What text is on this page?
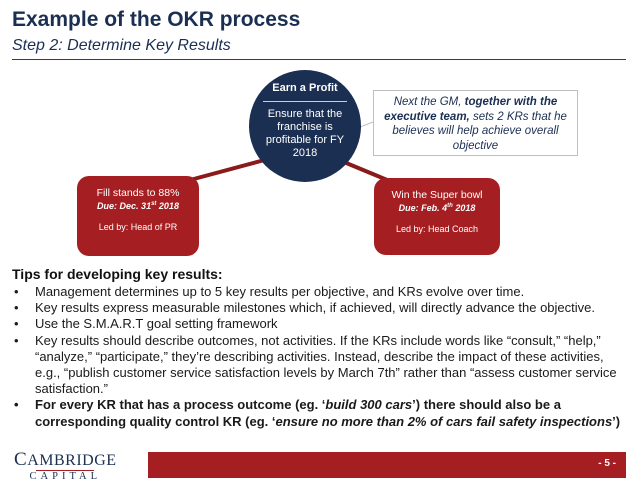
Example of the OKR process
Step 2: Determine Key Results
Earn a Profit
Ensure that the franchise is profitable for FY 2018
Next the GM, together with the executive team, sets 2 KRs that he believes will help achieve overall objective
Fill stands to 88%
Due: Dec. 31st 2018
Led by: Head of PR
Win the Super bowl
Due: Feb. 4th 2018
Led by: Head Coach
Tips for developing key results:
• Management determines up to 5 key results per objective, and KRs evolve over time.
• Key results express measurable milestones which, if achieved, will directly advance the objective.
• Use the S.M.A.R.T goal setting framework
• Key results should describe outcomes, not activities. If the KRs include words like “consult,” “help,” “analyze,” “participate,” they’re describing activities. Instead, describe the impact of these activities, e.g., “publish customer service satisfaction levels by March 7th” rather than “assess customer service satisfaction.”
• For every KR that has a process outcome (eg. ‘build 300 cars’) there should also be a corresponding quality control KR (eg. ‘ensure no more than 2% of cars fail safety inspections’)
CAMBRIDGE
CAPITAL
- 5 -
